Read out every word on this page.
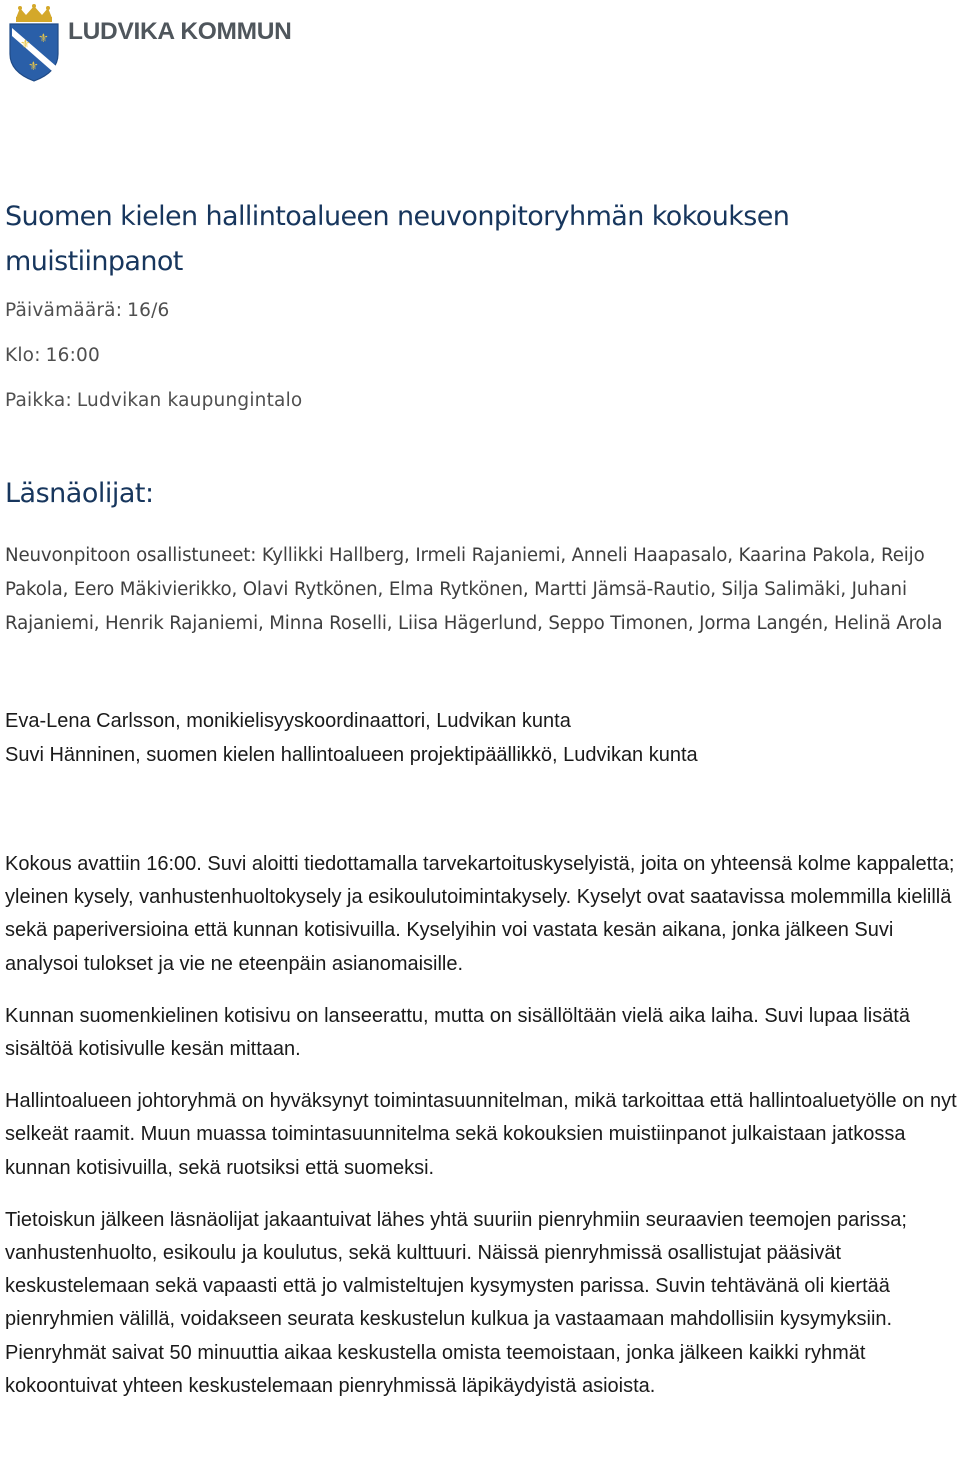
⚜ ⚜
⚜
LUDVIKA KOMMUN
Suomen kielen hallintoalueen neuvonpitoryhmän kokouksen muistiinpanot
Päivämäärä: 16/6
Klo: 16:00
Paikka: Ludvikan kaupungintalo
Läsnäolijat:

Neuvonpitoon osallistuneet: Kyllikki Hallberg, Irmeli Rajaniemi, Anneli Haapasalo, Kaarina Pakola, Reijo Pakola, Eero Mäkivierikko, Olavi Rytkönen, Elma Rytkönen, Martti Jämsä-Rautio, Silja Salimäki, Juhani Rajaniemi, Henrik Rajaniemi, Minna Roselli, Liisa Hägerlund, Seppo Timonen, Jorma Langén, Helinä Arola

Eva-Lena Carlsson, monikielisyyskoordinaattori, Ludvikan kunta
Suvi Hänninen, suomen kielen hallintoalueen projektipäällikkö, Ludvikan kunta

Kokous avattiin 16:00. Suvi aloitti tiedottamalla tarvekartoituskyselyistä, joita on yhteensä kolme kappaletta; yleinen kysely, vanhustenhuoltokysely ja esikoulutoimintakysely. Kyselyt ovat saatavissa molemmilla kielillä sekä paperiversioina että kunnan kotisivuilla. Kyselyihin voi vastata kesän aikana, jonka jälkeen Suvi analysoi tulokset ja vie ne eteenpäin asianomaisille.

Kunnan suomenkielinen kotisivu on lanseerattu, mutta on sisällöltään vielä aika laiha. Suvi lupaa lisätä sisältöä kotisivulle kesän mittaan.

Hallintoalueen johtoryhmä on hyväksynyt toimintasuunnitelman, mikä tarkoittaa että hallintoaluetyölle on nyt selkeät raamit. Muun muassa toimintasuunnitelma sekä kokouksien muistiinpanot julkaistaan jatkossa kunnan kotisivuilla, sekä ruotsiksi että suomeksi.

Tietoiskun jälkeen läsnäolijat jakaantuivat lähes yhtä suuriin pienryhmiin seuraavien teemojen parissa; vanhustenhuolto, esikoulu ja koulutus, sekä kulttuuri. Näissä pienryhmissä osallistujat pääsivät keskustelemaan sekä vapaasti että jo valmisteltujen kysymysten parissa. Suvin tehtävänä oli kiertää pienryhmien välillä, voidakseen seurata keskustelun kulkua ja vastaamaan mahdollisiin kysymyksiin. Pienryhmät saivat 50 minuuttia aikaa keskustella omista teemoistaan, jonka jälkeen kaikki ryhmät kokoontuivat yhteen keskustelemaan pienryhmissä läpikäydyistä asioista.
